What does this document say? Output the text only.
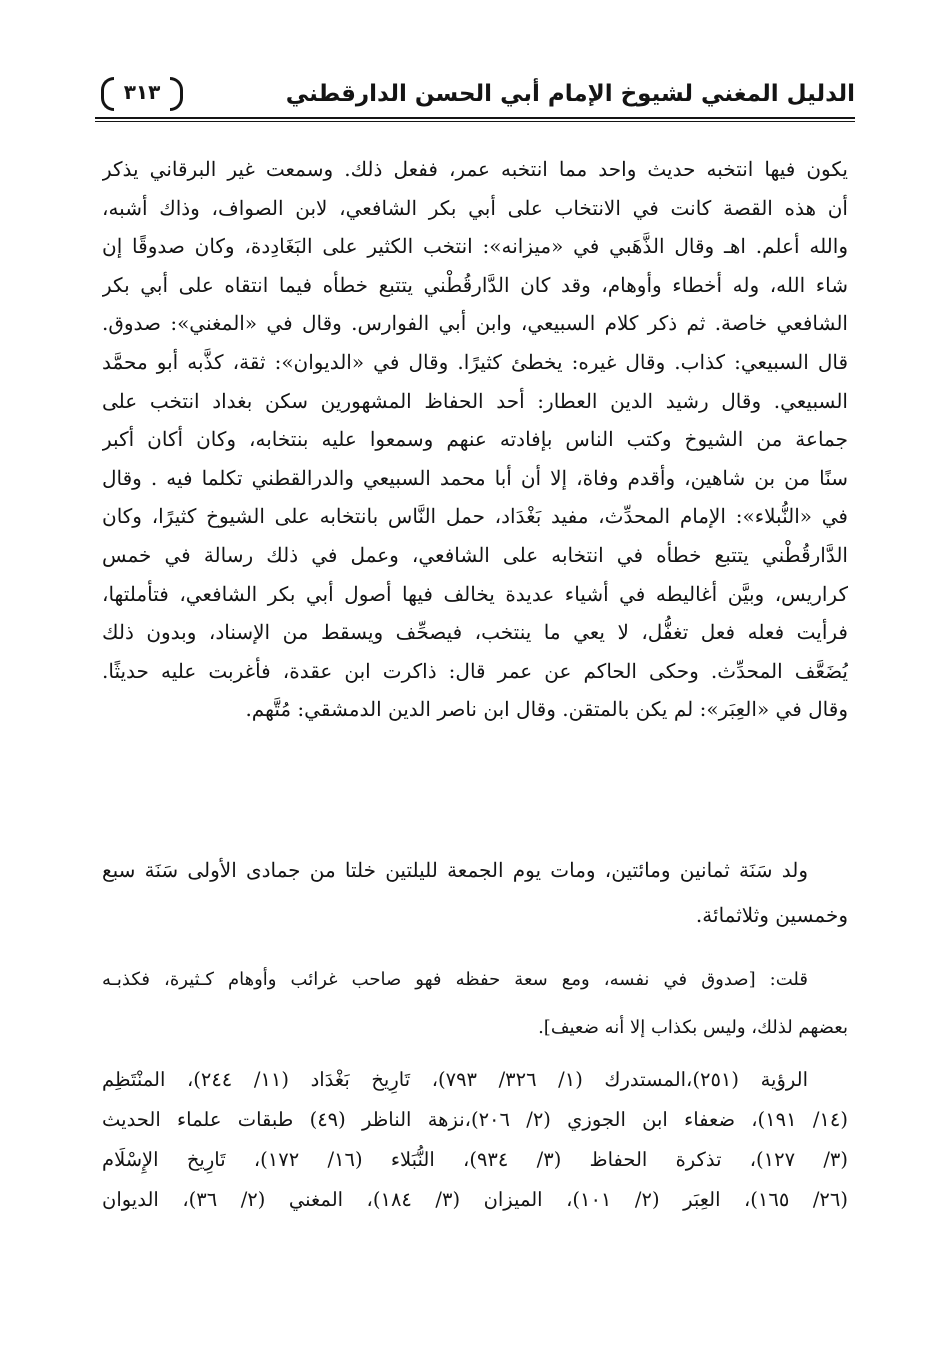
الدليل المغني لشيوخ الإمام أبي الحسن الدارقطني
٣١٣
يكون فيها انتخبه حديث واحد مما انتخبه عمر، ففعل ذلك. وسمعت غير البرقاني يذكر
أن هذه القصة كانت في الانتخاب على أبي بكر الشافعي، لابن الصواف، وذاك أشبه،
والله أعلم. اهـ وقال الذَّهَبي في «ميزانه»: انتخب الكثير على البَغَادِدة، وكان صدوقًا إن
شاء الله، وله أخطاء وأوهام، وقد كان الدَّارقُطْني يتتبع خطأه فيما انتقاه على أبي بكر
الشافعي خاصة. ثم ذكر كلام السبيعي، وابن أبي الفوارس. وقال في «المغني»: صدوق.
قال السبيعي: كذاب. وقال غيره: يخطئ كثيرًا. وقال في «الديوان»: ثقة، كذَّبه أبو محمَّد
السبيعي. وقال رشيد الدين العطار: أحد الحفاظ المشهورين سكن بغداد انتخب على
جماعة من الشيوخ وكتب الناس بإفادته عنهم وسمعوا عليه بنتخابه، وكان أكان أكبر
سنًا من بن شاهين، وأقدم وفاة، إلا أن أبا محمد السبيعي والدرالقطني تكلما فيه . وقال
في «النُّبلاء»: الإمام المحدِّث، مفيد بَغْدَاد، حمل النَّاس بانتخابه على الشيوخ كثيرًا، وكان
الدَّارقُطْني يتتبع خطأه في انتخابه على الشافعي، وعمل في ذلك رسالة في خمس
كراريس، وبيَّن أغاليطه في أشياء عديدة يخالف فيها أصول أبي بكر الشافعي، فتأملتها،
فرأيت فعله فعل تغفُّل، لا يعي ما ينتخب، فيصحِّف ويسقط من الإسناد، وبدون ذلك
يُضَعَّف المحدِّث. وحكى الحاكم عن عمر قال: ذاكرت ابن عقدة، فأغربت عليه حديثًا.
وقال في «العِبَر»: لم يكن بالمتقن. وقال ابن ناصر الدين الدمشقي: مُتَّهم.
ولد سَنَة ثمانين ومائتين، ومات يوم الجمعة لليلتين خلتا من جمادى الأولى سَنَة سبع
وخمسين وثلاثمائة.
قلت: [صدوق في نفسه، ومع سعة حفظه فهو صاحب غرائب وأوهام كـثيرة، فكذبـه
بعضهم لذلك، وليس بكذاب إلا أنه ضعيف].
الرؤية (٢٥١)،المستدرك (١/ ٣٢٦/ ٧٩٣)، تَارِيخ بَغْدَاد (١١/ ٢٤٤)، المنْتَظِم
(١٤/ ١٩١)، ضعفاء ابن الجوزي (٢/ ٢٠٦)،نزهة الناظر (٤٩) طبقات علماء الحديث
(٣/ ١٢٧)، تذكرة الحفاظ (٣/ ٩٣٤)، النُّبَلاء (١٦/ ١٧٢)، تَارِيخ الإِسْلَام
(٢٦/ ١٦٥)، العِبَر (٢/ ١٠١)، الميزان (٣/ ١٨٤)، المغني (٢/ ٣٦)، الديوان
